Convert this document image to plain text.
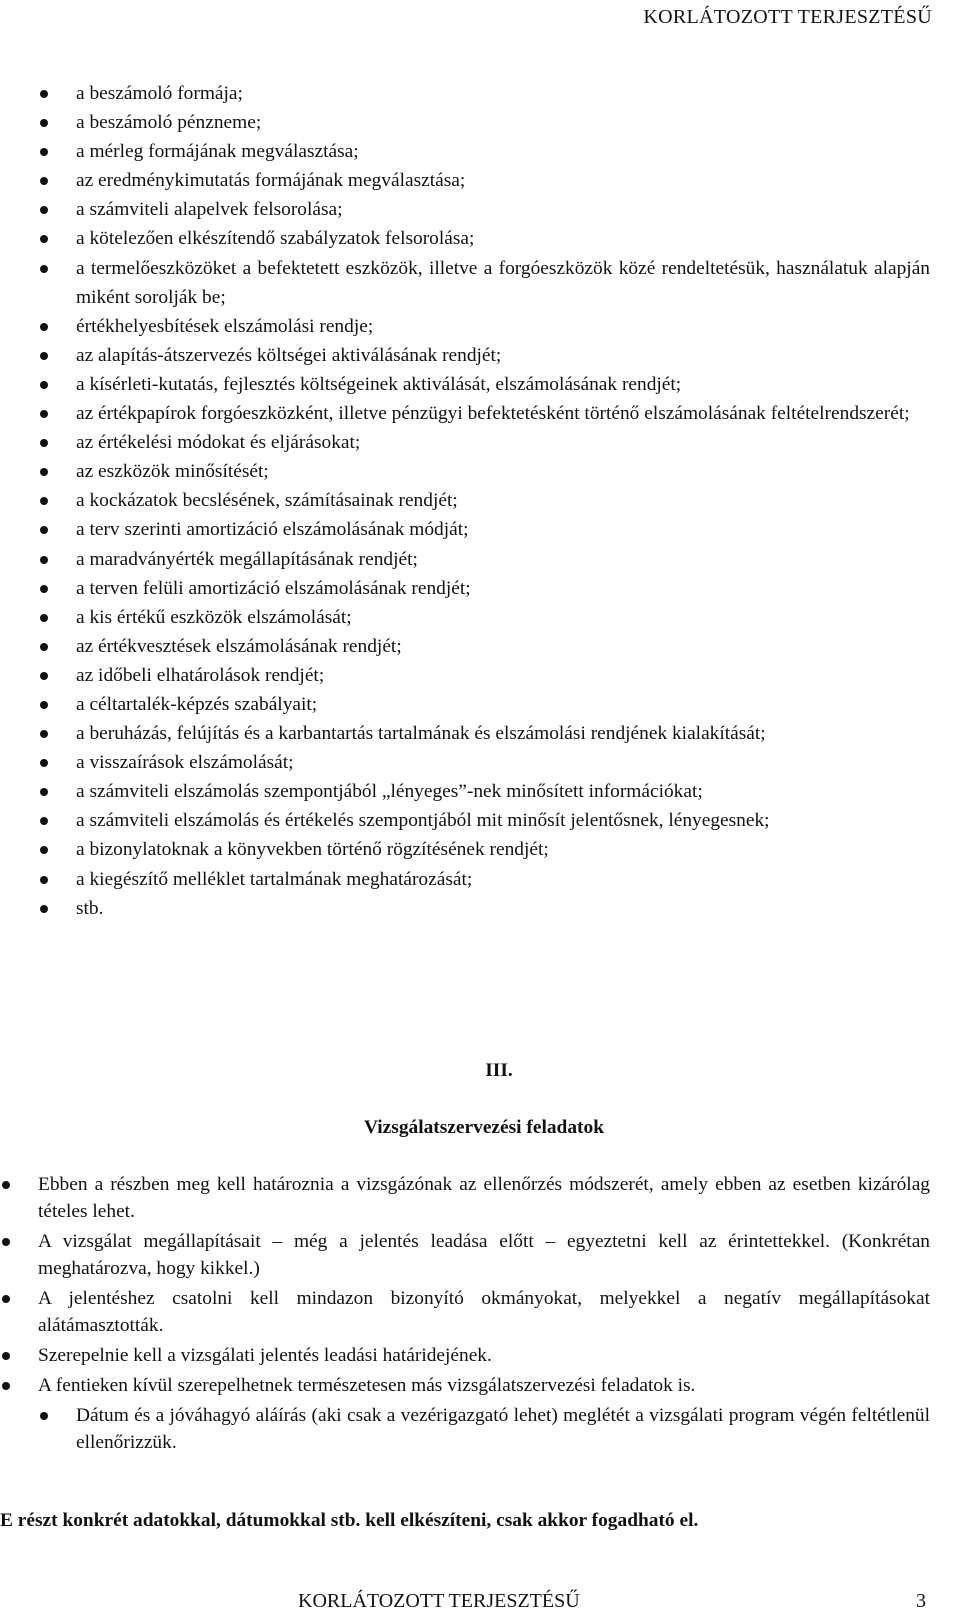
KORLÁTOZOTT TERJESZTÉSŰ
a beszámoló formája;
a beszámoló pénzneme;
a mérleg formájának megválasztása;
az eredménykimutatás formájának megválasztása;
a számviteli alapelvek felsorolása;
a kötelezően elkészítendő szabályzatok felsorolása;
a termelőeszközöket a befektetett eszközök, illetve a forgóeszközök közé rendeltetésük, használatuk alapján miként sorolják be;
értékhelyesbítések elszámolási rendje;
az alapítás-átszervezés költségei aktiválásának rendjét;
a kísérleti-kutatás, fejlesztés költségeinek aktiválását, elszámolásának rendjét;
az értékpapírok forgóeszközként, illetve pénzügyi befektetésként történő elszámolásának feltételrendszerét;
az értékelési módokat és eljárásokat;
az eszközök minősítését;
a kockázatok becslésének, számításainak rendjét;
a terv szerinti amortizáció elszámolásának módját;
a maradványérték megállapításának rendjét;
a terven felüli amortizáció elszámolásának rendjét;
a kis értékű eszközök elszámolását;
az értékvesztések elszámolásának rendjét;
az időbeli elhatárolások rendjét;
a céltartalék-képzés szabályait;
a beruházás, felújítás és a karbantartás tartalmának és elszámolási rendjének kialakítását;
a visszaírások elszámolását;
a számviteli elszámolás szempontjából „lényeges”-nek minősített információkat;
a számviteli elszámolás és értékelés szempontjából mit minősít jelentősnek, lényegesnek;
a bizonylatoknak a könyvekben történő rögzítésének rendjét;
a kiegészítő melléklet tartalmának meghatározását;
stb.
III.
Vizsgálatszervezési feladatok
Ebben a részben meg kell határoznia a vizsgázónak az ellenőrzés módszerét, amely ebben az esetben kizárólag tételes lehet.
A vizsgálat megállapításait – még a jelentés leadása előtt – egyeztetni kell az érintettekkel. (Konkrétan meghatározva, hogy kikkel.)
A jelentéshez csatolni kell mindazon bizonyító okmányokat, melyekkel a negatív megállapításokat alátámasztották.
Szerepelnie kell a vizsgálati jelentés leadási határidejének.
A fentieken kívül szerepelhetnek természetesen más vizsgálatszervezési feladatok is.
Dátum és a jóváhagyó aláírás (aki csak a vezérigazgató lehet) meglétét a vizsgálati program végén feltétlenül ellenőrizzük.
E részt konkrét adatokkal, dátumokkal stb. kell elkészíteni, csak akkor fogadható el.
KORLÁTOZOTT TERJESZTÉSŰ	3
